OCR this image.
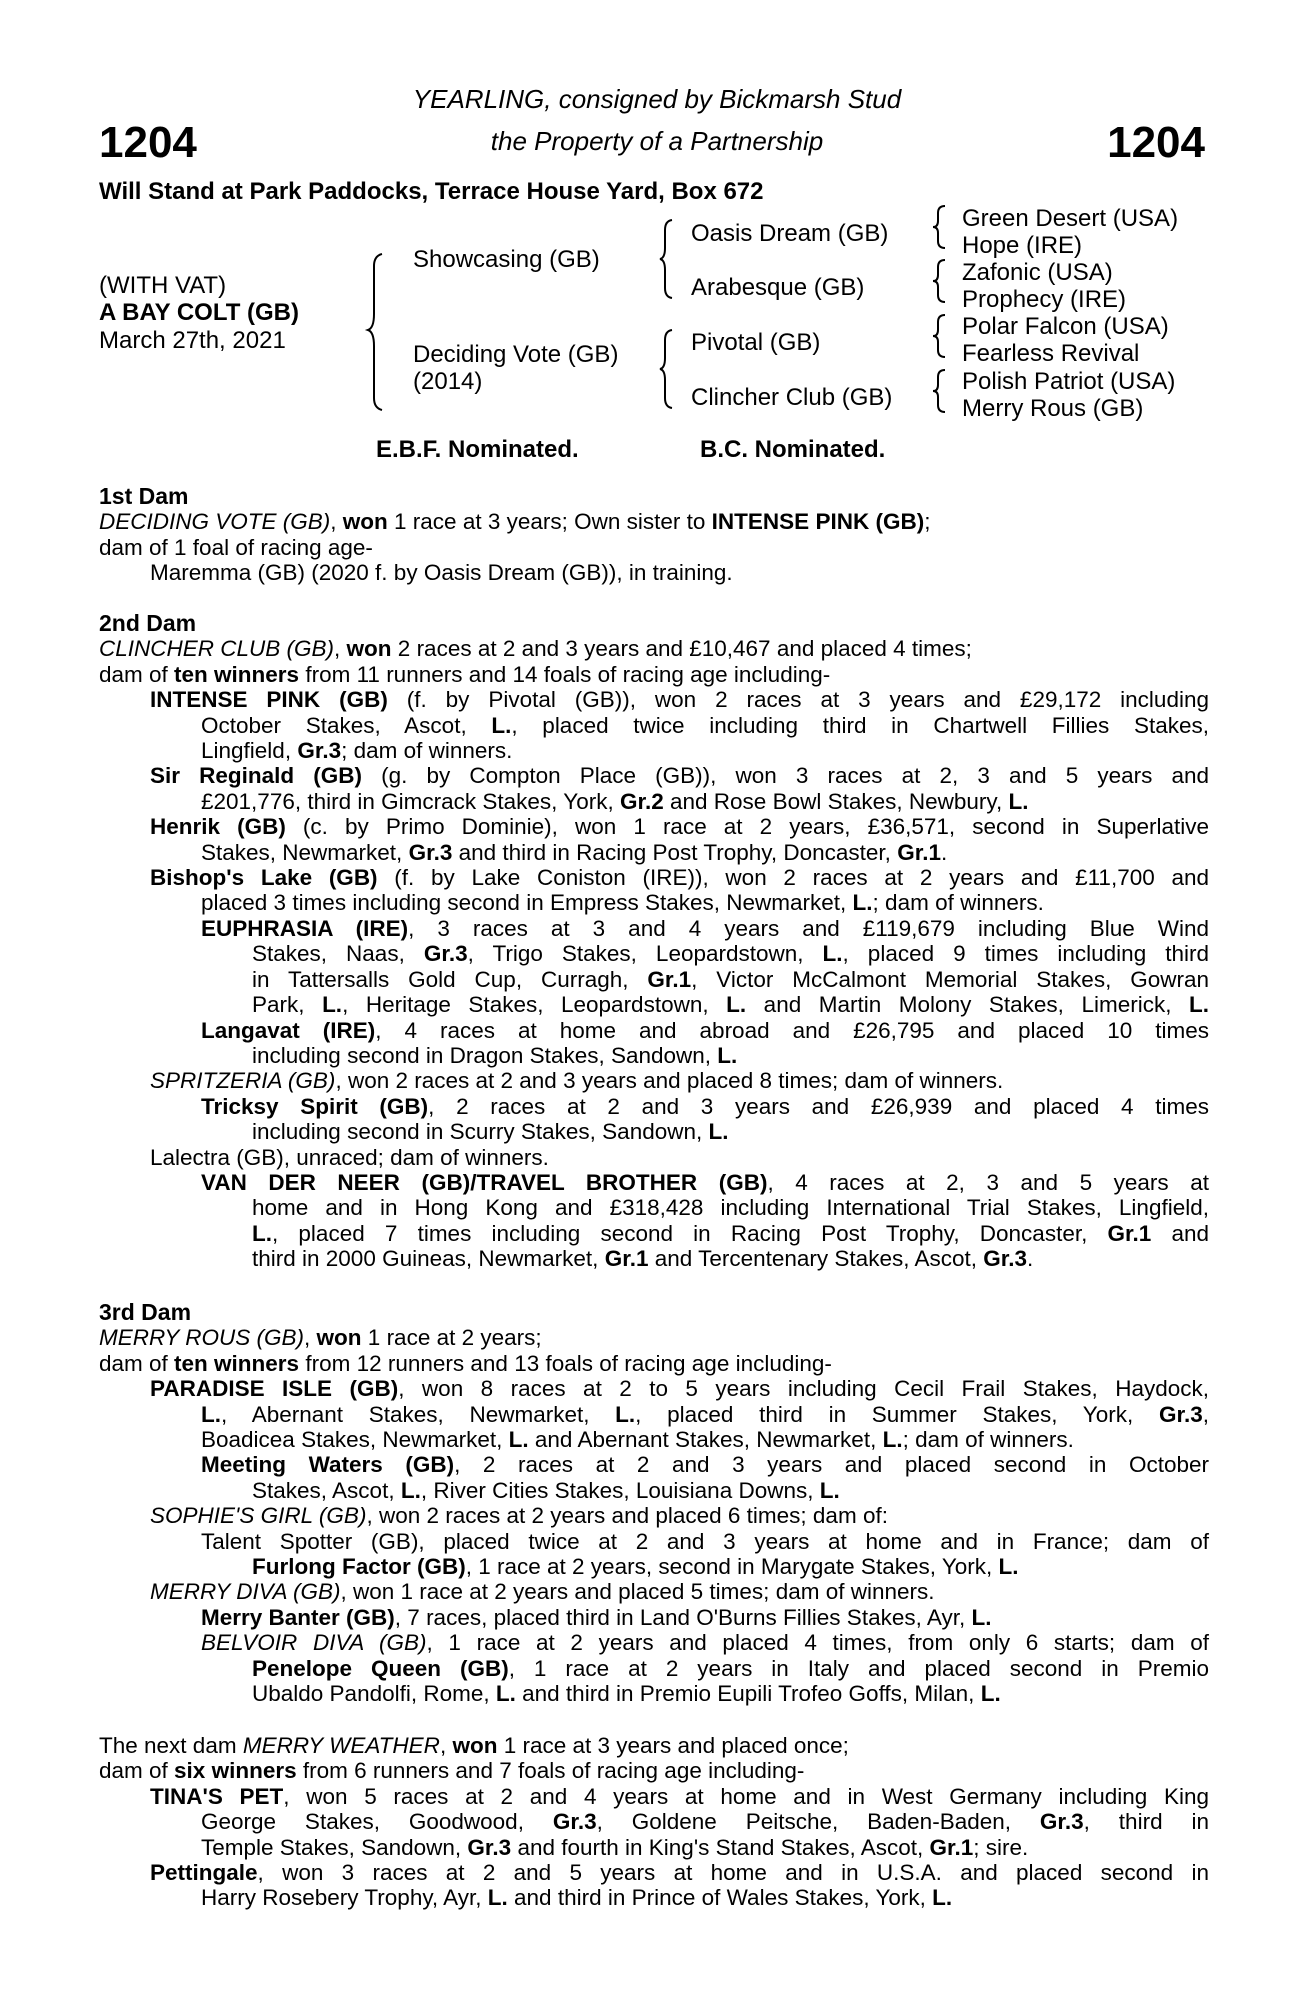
1204	1204
YEARLING, consigned by Bickmarsh Stud
the Property of a Partnership
Will Stand at Park Paddocks, Terrace House Yard, Box 672
(WITH VAT)
A BAY COLT (GB)
March 27th, 2021
Showcasing (GB)
Deciding Vote (GB)
(2014)
Oasis Dream (GB)
Arabesque (GB)
Pivotal (GB)
Clincher Club (GB)
Green Desert (USA)
Hope (IRE)
Zafonic (USA)
Prophecy (IRE)
Polar Falcon (USA)
Fearless Revival
Polish Patriot (USA)
Merry Rous (GB)
E.B.F. Nominated.	B.C. Nominated.
1st Dam
DECIDING VOTE (GB), won 1 race at 3 years; Own sister to INTENSE PINK (GB);
dam of 1 foal of racing age-
Maremma (GB) (2020 f. by Oasis Dream (GB)), in training.
2nd Dam
CLINCHER CLUB (GB), won 2 races at 2 and 3 years and £10,467 and placed 4 times;
dam of ten winners from 11 runners and 14 foals of racing age including-
INTENSE PINK (GB) (f. by Pivotal (GB)), won 2 races at 3 years and £29,172 including
October Stakes, Ascot, L., placed twice including third in Chartwell Fillies Stakes,
Lingfield, Gr.3; dam of winners.
Sir Reginald (GB) (g. by Compton Place (GB)), won 3 races at 2, 3 and 5 years and
£201,776, third in Gimcrack Stakes, York, Gr.2 and Rose Bowl Stakes, Newbury, L.
Henrik (GB) (c. by Primo Dominie), won 1 race at 2 years, £36,571, second in Superlative
Stakes, Newmarket, Gr.3 and third in Racing Post Trophy, Doncaster, Gr.1.
Bishop's Lake (GB) (f. by Lake Coniston (IRE)), won 2 races at 2 years and £11,700 and
placed 3 times including second in Empress Stakes, Newmarket, L.; dam of winners.
EUPHRASIA (IRE), 3 races at 3 and 4 years and £119,679 including Blue Wind
Stakes, Naas, Gr.3, Trigo Stakes, Leopardstown, L., placed 9 times including third
in Tattersalls Gold Cup, Curragh, Gr.1, Victor McCalmont Memorial Stakes, Gowran
Park, L., Heritage Stakes, Leopardstown, L. and Martin Molony Stakes, Limerick, L.
Langavat (IRE), 4 races at home and abroad and £26,795 and placed 10 times
including second in Dragon Stakes, Sandown, L.
SPRITZERIA (GB), won 2 races at 2 and 3 years and placed 8 times; dam of winners.
Tricksy Spirit (GB), 2 races at 2 and 3 years and £26,939 and placed 4 times
including second in Scurry Stakes, Sandown, L.
Lalectra (GB), unraced; dam of winners.
VAN DER NEER (GB)/TRAVEL BROTHER (GB), 4 races at 2, 3 and 5 years at
home and in Hong Kong and £318,428 including International Trial Stakes, Lingfield,
L., placed 7 times including second in Racing Post Trophy, Doncaster, Gr.1 and
third in 2000 Guineas, Newmarket, Gr.1 and Tercentenary Stakes, Ascot, Gr.3.
3rd Dam
MERRY ROUS (GB), won 1 race at 2 years;
dam of ten winners from 12 runners and 13 foals of racing age including-
PARADISE ISLE (GB), won 8 races at 2 to 5 years including Cecil Frail Stakes, Haydock,
L., Abernant Stakes, Newmarket, L., placed third in Summer Stakes, York, Gr.3,
Boadicea Stakes, Newmarket, L. and Abernant Stakes, Newmarket, L.; dam of winners.
Meeting Waters (GB), 2 races at 2 and 3 years and placed second in October
Stakes, Ascot, L., River Cities Stakes, Louisiana Downs, L.
SOPHIE'S GIRL (GB), won 2 races at 2 years and placed 6 times; dam of:
Talent Spotter (GB), placed twice at 2 and 3 years at home and in France; dam of
Furlong Factor (GB), 1 race at 2 years, second in Marygate Stakes, York, L.
MERRY DIVA (GB), won 1 race at 2 years and placed 5 times; dam of winners.
Merry Banter (GB), 7 races, placed third in Land O'Burns Fillies Stakes, Ayr, L.
BELVOIR DIVA (GB), 1 race at 2 years and placed 4 times, from only 6 starts; dam of
Penelope Queen (GB), 1 race at 2 years in Italy and placed second in Premio
Ubaldo Pandolfi, Rome, L. and third in Premio Eupili Trofeo Goffs, Milan, L.
The next dam MERRY WEATHER, won 1 race at 3 years and placed once;
dam of six winners from 6 runners and 7 foals of racing age including-
TINA'S PET, won 5 races at 2 and 4 years at home and in West Germany including King
George Stakes, Goodwood, Gr.3, Goldene Peitsche, Baden-Baden, Gr.3, third in
Temple Stakes, Sandown, Gr.3 and fourth in King's Stand Stakes, Ascot, Gr.1; sire.
Pettingale, won 3 races at 2 and 5 years at home and in U.S.A. and placed second in
Harry Rosebery Trophy, Ayr, L. and third in Prince of Wales Stakes, York, L.
